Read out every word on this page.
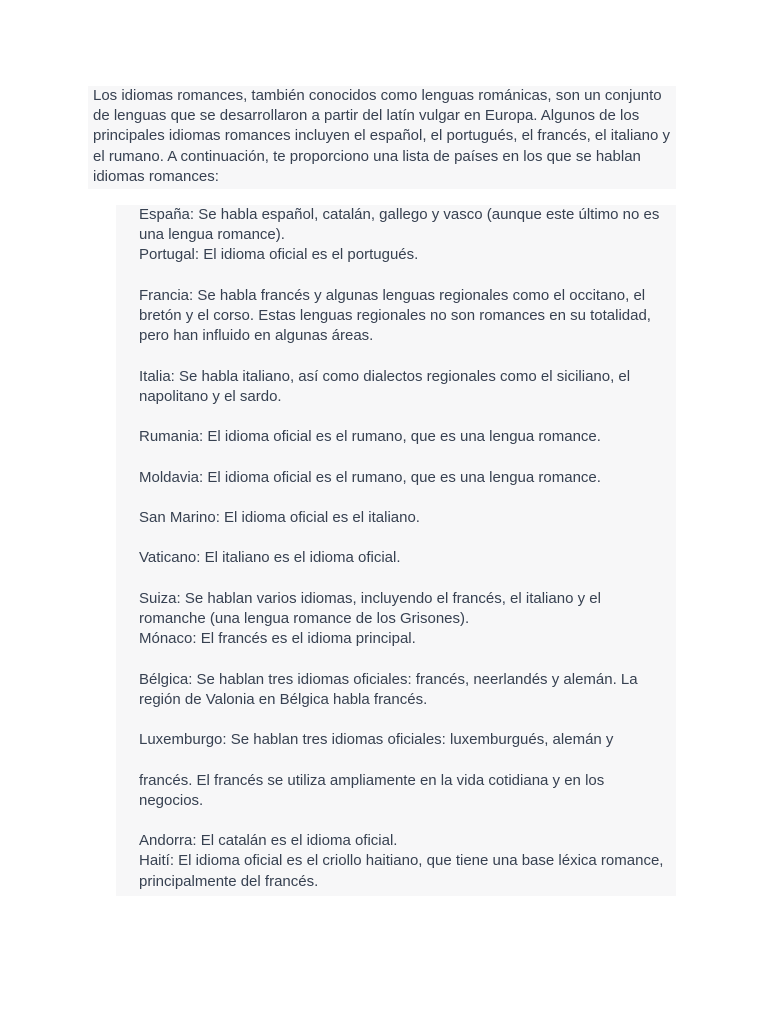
Los idiomas romances, también conocidos como lenguas románicas, son un conjunto de lenguas que se desarrollaron a partir del latín vulgar en Europa. Algunos de los principales idiomas romances incluyen el español, el portugués, el francés, el italiano y el rumano. A continuación, te proporciono una lista de países en los que se hablan idiomas romances:

España: Se habla español, catalán, gallego y vasco (aunque este último no es una lengua romance).

Portugal: El idioma oficial es el portugués.

Francia: Se habla francés y algunas lenguas regionales como el occitano, el bretón y el corso. Estas lenguas regionales no son romances en su totalidad, pero han influido en algunas áreas.

Italia: Se habla italiano, así como dialectos regionales como el siciliano, el napolitano y el sardo.

Rumania: El idioma oficial es el rumano, que es una lengua romance.

Moldavia: El idioma oficial es el rumano, que es una lengua romance.

San Marino: El idioma oficial es el italiano.

Vaticano: El italiano es el idioma oficial.

Suiza: Se hablan varios idiomas, incluyendo el francés, el italiano y el romanche (una lengua romance de los Grisones).

Mónaco: El francés es el idioma principal.

Bélgica: Se hablan tres idiomas oficiales: francés, neerlandés y alemán. La región de Valonia en Bélgica habla francés.

Luxemburgo: Se hablan tres idiomas oficiales: luxemburgués, alemán y

francés. El francés se utiliza ampliamente en la vida cotidiana y en los negocios.

Andorra: El catalán es el idioma oficial.

Haití: El idioma oficial es el criollo haitiano, que tiene una base léxica romance, principalmente del francés.
